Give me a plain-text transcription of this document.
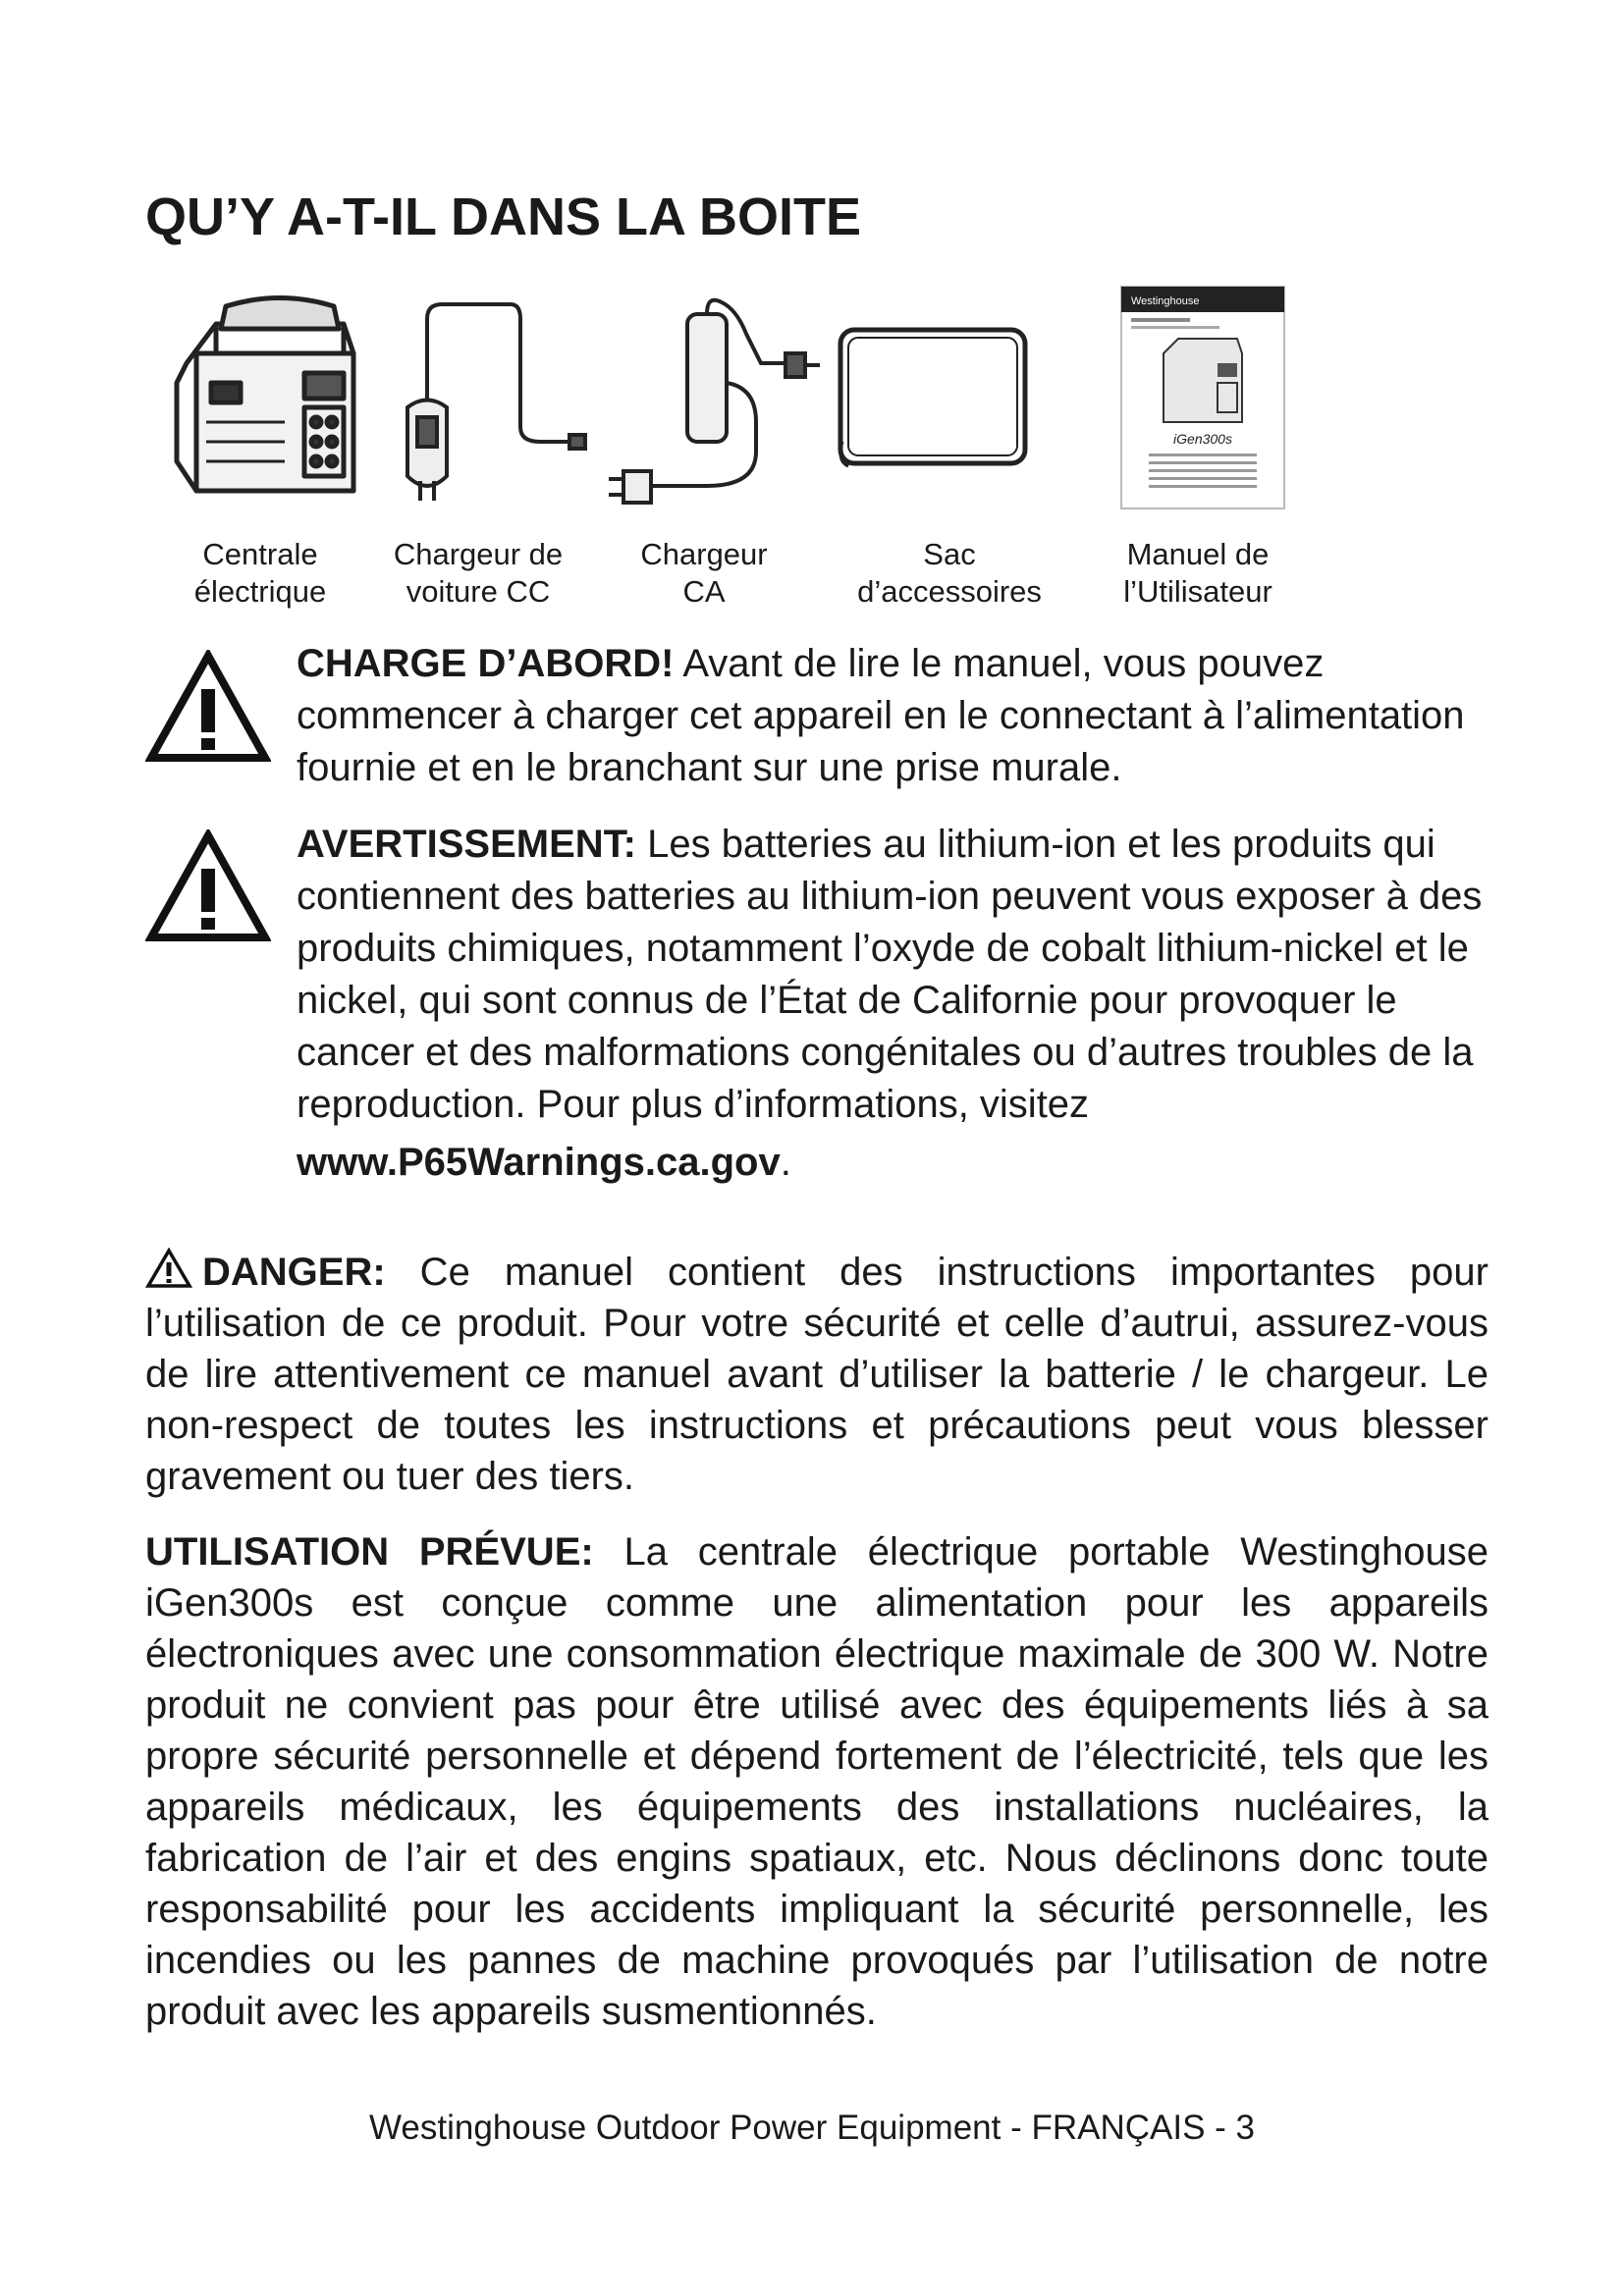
QU’Y A-T-IL DANS LA BOITE
Westinghouse
iGen300s
Centrale
électrique
Chargeur de
voiture CC
Chargeur
CA
Sac
d’accessoires
Manuel de
l’Utilisateur
CHARGE D’ABORD! Avant de lire le manuel, vous pouvez commencer à charger cet appareil en le connectant à l’alimentation fournie et en le branchant sur une prise murale.
AVERTISSEMENT: Les batteries au lithium-ion et les produits qui contiennent des batteries au lithium-ion peuvent vous exposer à des produits chimiques, notamment l’oxyde de cobalt lithium-nickel et le nickel, qui sont connus de l’État de Californie pour provoquer le cancer et des malformations congénitales ou d’autres troubles de la reproduction. Pour plus d’informations, visitez
www.P65Warnings.ca.gov.
DANGER: Ce manuel contient des instructions importantes pour l’utilisation de ce produit. Pour votre sécurité et celle d’autrui, assurez-vous de lire attentivement ce manuel avant d’utiliser la batterie / le chargeur. Le non-respect de toutes les instructions et précautions peut vous blesser gravement ou tuer des tiers.
UTILISATION PRÉVUE: La centrale électrique portable Westinghouse iGen300s est conçue comme une alimentation pour les appareils électroniques avec une consommation électrique maximale de 300 W. Notre produit ne convient pas pour être utilisé avec des équipements liés à sa propre sécurité personnelle et dépend fortement de l’électricité, tels que les appareils médicaux, les équipements des installations nucléaires, la fabrication de l’air et des engins spatiaux, etc. Nous déclinons donc toute responsabilité pour les accidents impliquant la sécurité personnelle, les incendies ou les pannes de machine provoqués par l’utilisation de notre produit avec les appareils susmentionnés.
Westinghouse Outdoor Power Equipment - FRANÇAIS - 3
